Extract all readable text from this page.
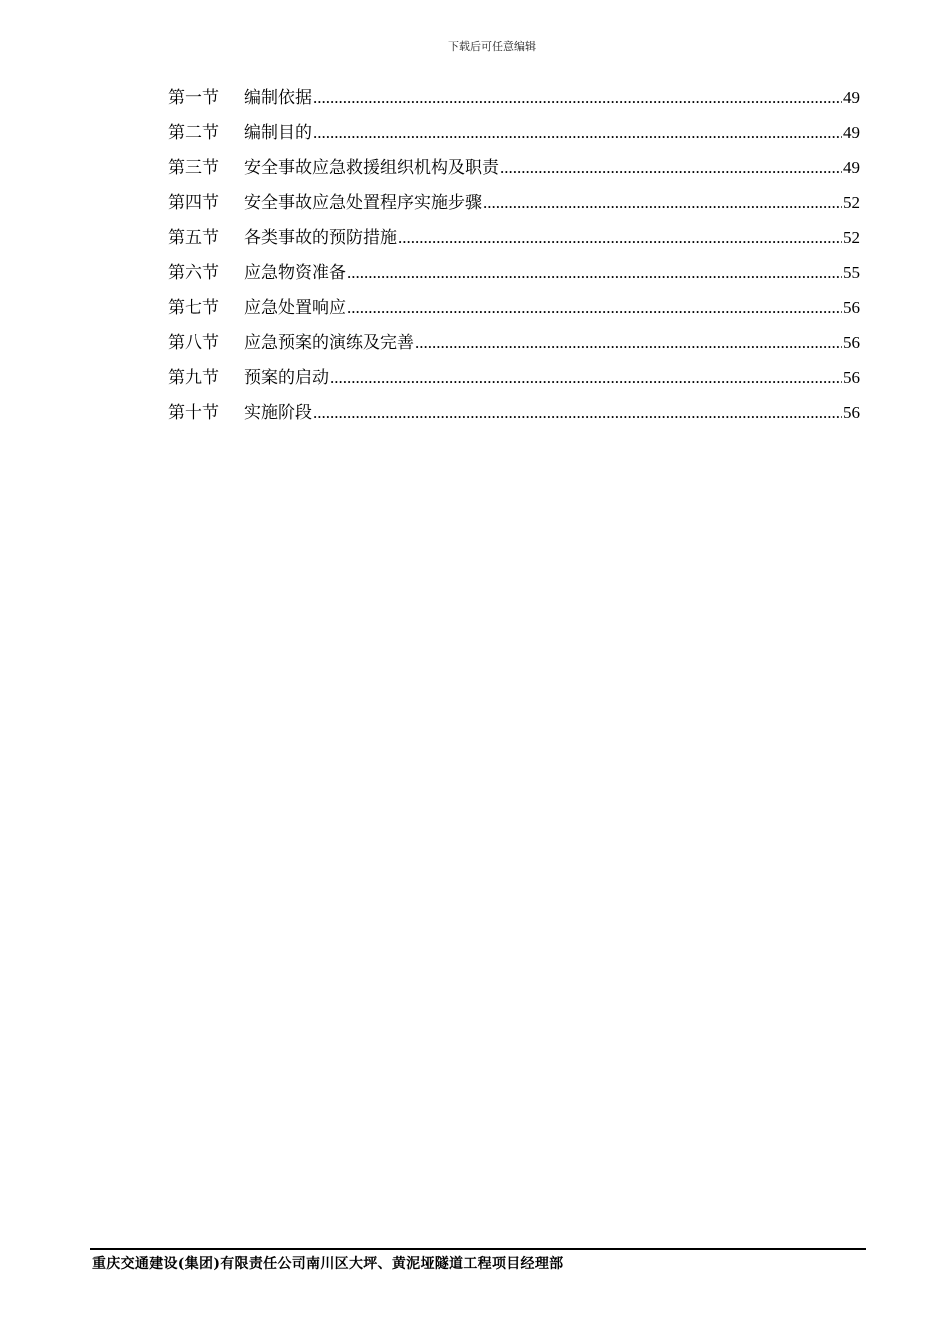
下载后可任意编辑
第一节	编制依据 .....	49
第二节	编制目的 .....	49
第三节	安全事故应急救援组织机构及职责 .....	49
第四节	安全事故应急处置程序实施步骤 .....	52
第五节	各类事故的预防措施 .....	52
第六节	应急物资准备 .....	55
第七节	应急处置响应 .....	56
第八节	应急预案的演练及完善 .....	56
第九节	预案的启动 .....	56
第十节	实施阶段 .....	56
重庆交通建设(集团)有限责任公司南川区大坪、黄泥垭隧道工程项目经理部
